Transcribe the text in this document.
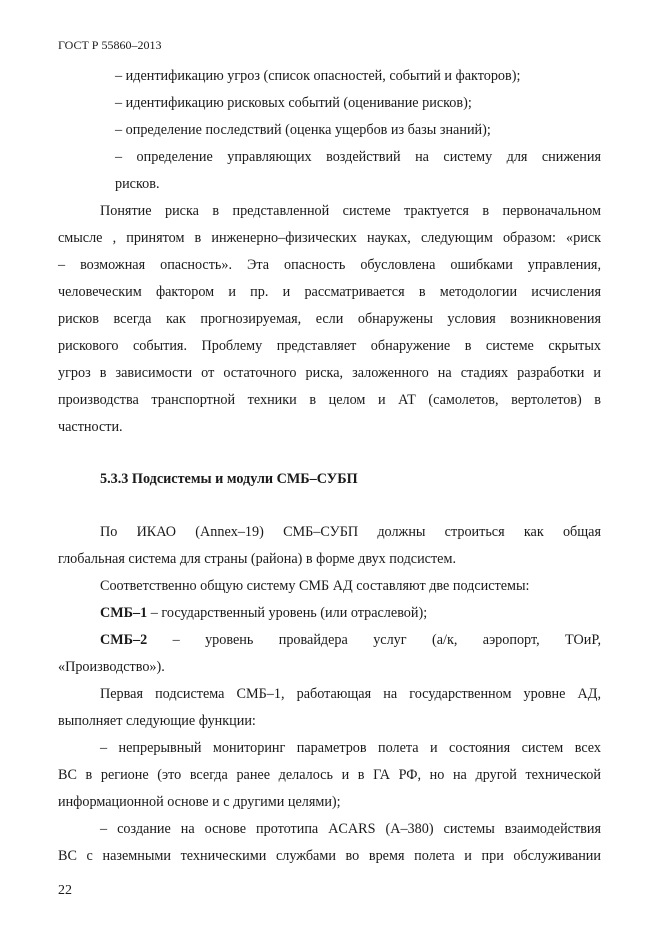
ГОСТ Р 55860–2013
– идентификацию угроз (список опасностей, событий и факторов);
– идентификацию рисковых событий (оценивание рисков);
– определение последствий (оценка ущербов из базы знаний);
– определение управляющих воздействий на систему для снижения
рисков.
Понятие риска в представленной системе трактуется в первоначальном
смысле , принятом в инженерно–физических науках, следующим образом: «риск
– возможная опасность». Эта опасность обусловлена ошибками управления,
человеческим фактором и пр. и рассматривается в методологии исчисления
рисков всегда как прогнозируемая, если обнаружены условия возникновения
рискового события. Проблему представляет обнаружение в системе скрытых
угроз в зависимости от остаточного риска, заложенного на стадиях разработки и
производства транспортной техники в целом и АТ (самолетов, вертолетов) в
частности.
5.3.3 Подсистемы и модули СМБ–СУБП
По ИКАО (Annex–19) СМБ–СУБП должны строиться как общая
глобальная система для страны (района) в форме двух подсистем.
Соответственно общую систему СМБ АД составляют две подсистемы:
СМБ–1 – государственный уровень (или отраслевой);
СМБ–2 – уровень провайдера услуг (а/к, аэропорт, ТОиР,
«Производство»).
Первая подсистема СМБ–1, работающая на государственном уровне АД,
выполняет следующие функции:
– непрерывный мониторинг параметров полета и состояния систем всех
ВС в регионе (это всегда ранее делалось и в ГА РФ, но на другой технической
информационной основе и с другими целями);
– создание на основе прототипа ACARS (А–380) системы взаимодействия
ВС с наземными техническими службами во время полета и при обслуживании
22
